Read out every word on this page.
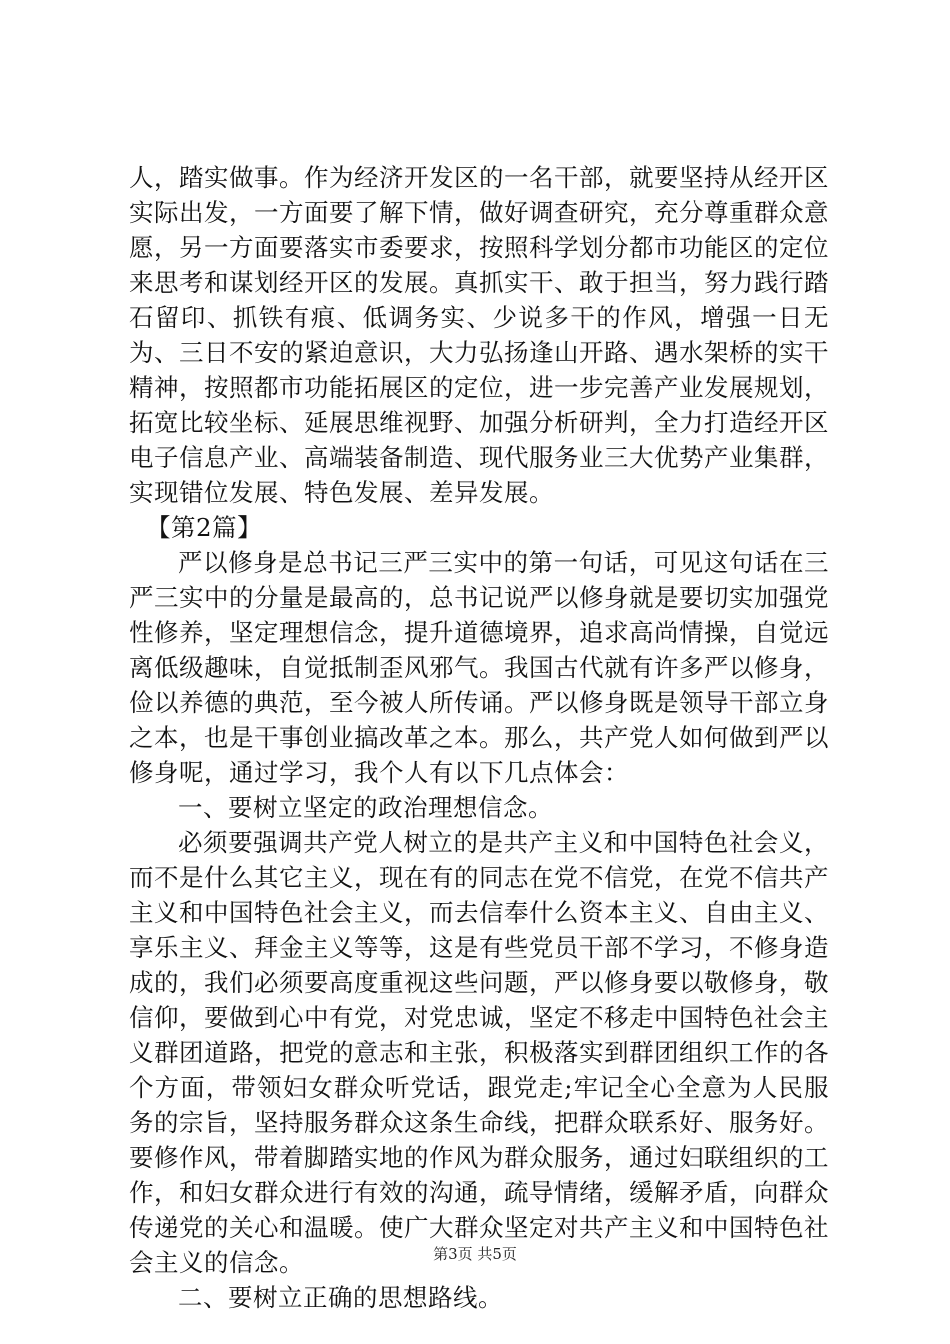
人，踏实做事。作为经济开发区的一名干部，就要坚持从经开区实际出发，一方面要了解下情，做好调查研究，充分尊重群众意愿，另一方面要落实市委要求，按照科学划分都市功能区的定位来思考和谋划经开区的发展。真抓实干、敢于担当，努力践行踏石留印、抓铁有痕、低调务实、少说多干的作风，增强一日无为、三日不安的紧迫意识，大力弘扬逢山开路、遇水架桥的实干精神，按照都市功能拓展区的定位，进一步完善产业发展规划，拓宽比较坐标、延展思维视野、加强分析研判，全力打造经开区电子信息产业、高端装备制造、现代服务业三大优势产业集群，实现错位发展、特色发展、差异发展。

【第2篇】

严以修身是总书记三严三实中的第一句话，可见这句话在三严三实中的分量是最高的，总书记说严以修身就是要切实加强党性修养，坚定理想信念，提升道德境界，追求高尚情操，自觉远离低级趣味，自觉抵制歪风邪气。我国古代就有许多严以修身，俭以养德的典范，至今被人所传诵。严以修身既是领导干部立身之本，也是干事创业搞改革之本。那么，共产党人如何做到严以修身呢，通过学习，我个人有以下几点体会：

一、要树立坚定的政治理想信念。

必须要强调共产党人树立的是共产主义和中国特色社会义，而不是什么其它主义，现在有的同志在党不信党，在党不信共产主义和中国特色社会主义，而去信奉什么资本主义、自由主义、享乐主义、拜金主义等等，这是有些党员干部不学习，不修身造成的，我们必须要高度重视这些问题，严以修身要以敬修身，敬信仰，要做到心中有党，对党忠诚，坚定不移走中国特色社会主义群团道路，把党的意志和主张，积极落实到群团组织工作的各个方面，带领妇女群众听党话，跟党走;牢记全心全意为人民服务的宗旨，坚持服务群众这条生命线，把群众联系好、服务好。要修作风，带着脚踏实地的作风为群众服务，通过妇联组织的工作，和妇女群众进行有效的沟通，疏导情绪，缓解矛盾，向群众传递党的关心和温暖。使广大群众坚定对共产主义和中国特色社会主义的信念。

二、要树立正确的思想路线。

第3页 共5页
